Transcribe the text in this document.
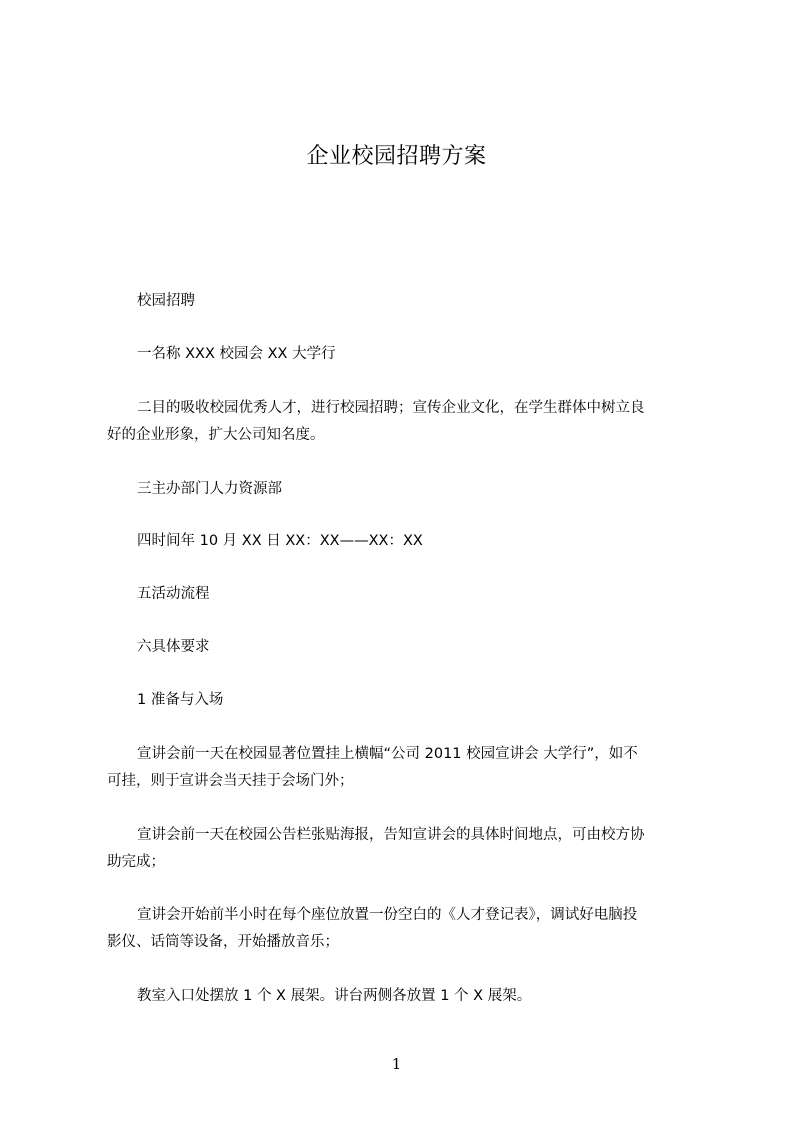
企业校园招聘方案
校园招聘
一名称 XXX 校园会 XX 大学行
二目的吸收校园优秀人才，进行校园招聘；宣传企业文化，在学生群体中树立良
好的企业形象，扩大公司知名度。
三主办部门人力资源部
四时间年 10 月 XX 日 XX：XX——XX：XX
五活动流程
六具体要求
1 准备与入场
宣讲会前一天在校园显著位置挂上横幅“公司 2011 校园宣讲会 大学行”，如不
可挂，则于宣讲会当天挂于会场门外；
宣讲会前一天在校园公告栏张贴海报，告知宣讲会的具体时间地点，可由校方协
助完成；
宣讲会开始前半小时在每个座位放置一份空白的《人才登记表》，调试好电脑投
影仪、话筒等设备，开始播放音乐；
教室入口处摆放 1 个 X 展架。讲台两侧各放置 1 个 X 展架。
1
